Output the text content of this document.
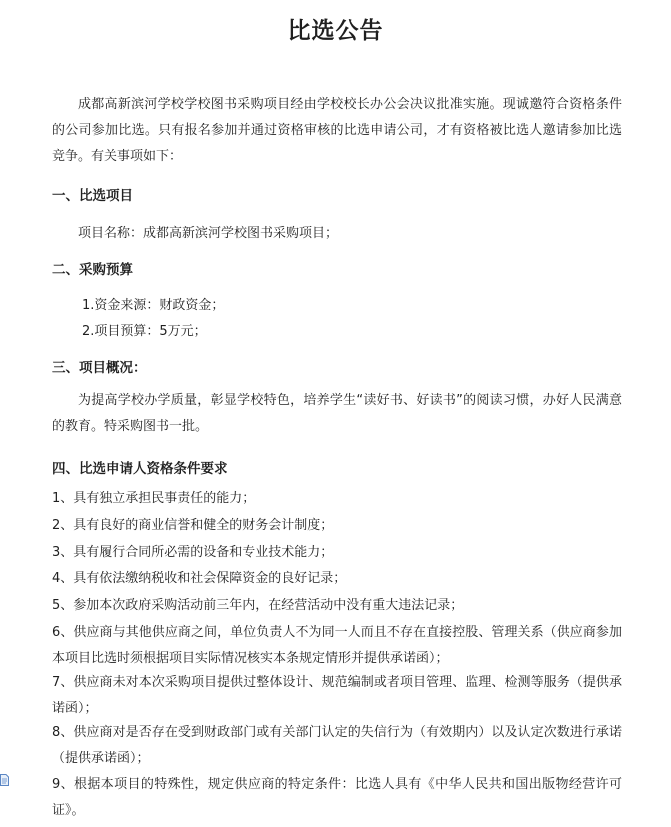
比选公告
成都高新滨河学校学校图书采购项目经由学校校长办公会决议批准实施。现诚邀符合资格条件的公司参加比选。只有报名参加并通过资格审核的比选申请公司，才有资格被比选人邀请参加比选竞争。有关事项如下：
一、比选项目
项目名称：成都高新滨河学校图书采购项目；
二、采购预算
1.资金来源：财政资金；
2.项目预算：5万元；
三、项目概况：
为提高学校办学质量，彰显学校特色，培养学生“读好书、好读书”的阅读习惯，办好人民满意的教育。特采购图书一批。
四、比选申请人资格条件要求
1、具有独立承担民事责任的能力；
2、具有良好的商业信誉和健全的财务会计制度；
3、具有履行合同所必需的设备和专业技术能力；
4、具有依法缴纳税收和社会保障资金的良好记录；
5、参加本次政府采购活动前三年内，在经营活动中没有重大违法记录；
6、供应商与其他供应商之间，单位负责人不为同一人而且不存在直接控股、管理关系（供应商参加本项目比选时须根据项目实际情况核实本条规定情形并提供承诺函）；
7、供应商未对本次采购项目提供过整体设计、规范编制或者项目管理、监理、检测等服务（提供承诺函）；
8、供应商对是否存在受到财政部门或有关部门认定的失信行为（有效期内）以及认定次数进行承诺（提供承诺函）；
9、根据本项目的特殊性，规定供应商的特定条件：比选人具有《中华人民共和国出版物经营许可证》。
